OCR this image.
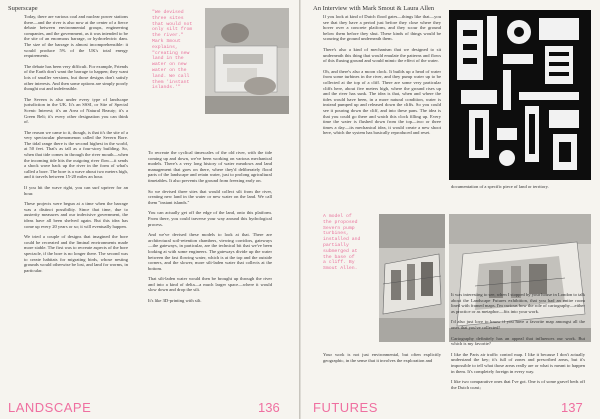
Superscape

Today, there are various coal and nuclear power stations there—and the river is also now at the center of a fierce debate between environmental groups, engineering companies, and the government, as it was intended to be the site of an enormous barrage, or hydroelectric dam. The size of the barrage is almost incomprehensible: it would produce 5% of the UK's total energy requirements.

The debate has been very difficult. For example, Friends of the Earth don't want the barrage to happen; they want lots of smaller versions, but those designs don't satisfy other interests. And then some options are simply poorly thought out and indefensible.

The Severn is also under every type of landscape jurisdiction in the UK. It's an SSSI, or Site of Special Scenic Interest; it's an Area of Natural Beauty; it's a Green Belt; it's every other designation you can think of.

The reason we came to it, though, is that it's the site of a very spectacular phenomenon called the Severn Bore. The tidal range there is the second highest in the world, at 50 feet. That's as tall as a four-story building. So, when that tide comes in through the river mouth—when the incoming tide hits the outgoing river flow—it sends a shock wave back up the river in the form of what's called a bore. The bore is a wave about two meters high, and it travels between 15-20 miles an hour.

If you hit the wave right, you can surf upriver for an hour.

These projects were begun at a time when the barrage was a distinct possibility. Since that time, due to austerity measures and our indecisive government, the ideas have all been shelved again. But this idea has come up every 20 years or so; it will eventually happen.

We tried a couple of designs that imagined the bore could be recreated and the liminal environments made more stable. The first was to recreate aspects of the bore spectacle, if the bore is no longer there. The second was to create habitats for migrating birds, whose nesting grounds would otherwise be lost, and land for worms, in particular.

"We devised
three sites
that would not
only silt from
the river."
Mark Smout
explains,
"creating new
land in the
water on new
water on the
land. We call
them 'instant
islands.'"

To recreate the cyclical timescales of the old river, with the tide coming up and down, we've been working on various mechanical models. There's a very long history of water meadows and land management that goes on there, where they'd deliberately flood parts of the landscape and retain water, just to prolong agricultural timetables. It also prevents the ground from freezing early on.

So we devised three sites that would collect silt from the river, creating new land in the water or new water on the land. We call them "instant islands."

You can actually get off the edge of the land, onto this platform. From there, you could traverse your way around this hydrological process.

And we've devised these models to look at that. There are architectural soil-retention chambers, viewing corridors, gateways—the gateways, in particular, are the technical bit that we've been looking at with some engineers. The gateways divide up the water between the fast flowing water, which is at the top and the outside corners, and the slower, more silt-laden water that collects at the bottom.

That silt-laden water would then be brought up through the river and into a kind of delta—a much larger space—where it would slow down and drop the silt.

It's like 3D-printing with silt.

LANDSCAPE	136
An Interview with Mark Smout & Laura Allen

If you look at kind of Dutch flood gates—things like that—you see that they have a period just before they close where they hover over a concrete platform, and they scour the ground below them before they shut. These kinds of things would be scouring the ground underneath them.

There's also a kind of mechanism that we designed to sit underneath this thing that would emulate the patterns and flows of this fluxing ground and would mimic the effect of the water.

Oh, and there's also a moon clock. It builds up a head of water from some turbines in the river, and they pump water up to be collected at the top of a cliff. There are some very particular cliffs here, about five meters high, where the ground rises up and the river has sunk. The idea is that, when and where the tides would have been, in a more natural condition, water is instead pumped up and released down the cliffs. So you could see it pouring down the cliff, and into these pans. The idea is that you could go there and watch this clock filling up. Every time the water is flushed down from the top—two or three times a day—its mechanical idea, it would create a new shoot here, which the system has basically reproduced and reset.

A model of
the proposed
Severn pump
turbines,
installed and
partially
submerged at
the base of
a cliff. By
Smout Allen.

Your work is not just environmental, but often explicitly geographic, in the sense that it involves the exploration and

documentation of a specific piece of land or territory.

It was interesting to see, when I stopped by your house in London to talk about the Landscape Futures exhibition, that you had an entire room lined with framed maps. I'm curious how the role of cartography—either as practice or as metaphor—fits into your work.

I'd also just love to know if you have a favorite map amongst all the ones that you've collected!

Cartography definitely has an appeal that influences our work. But which is my favorite?

I like the Paris air traffic control map. I like it because I don't actually understand the key; it's full of zones and prescribed areas, but it's impossible to tell what those areas really are or what is meant to happen in them. It's completely foreign in every way.

I like two comparative ones that I've got. One is of some gravel beds off the Dutch coast;

FUTURES	137
